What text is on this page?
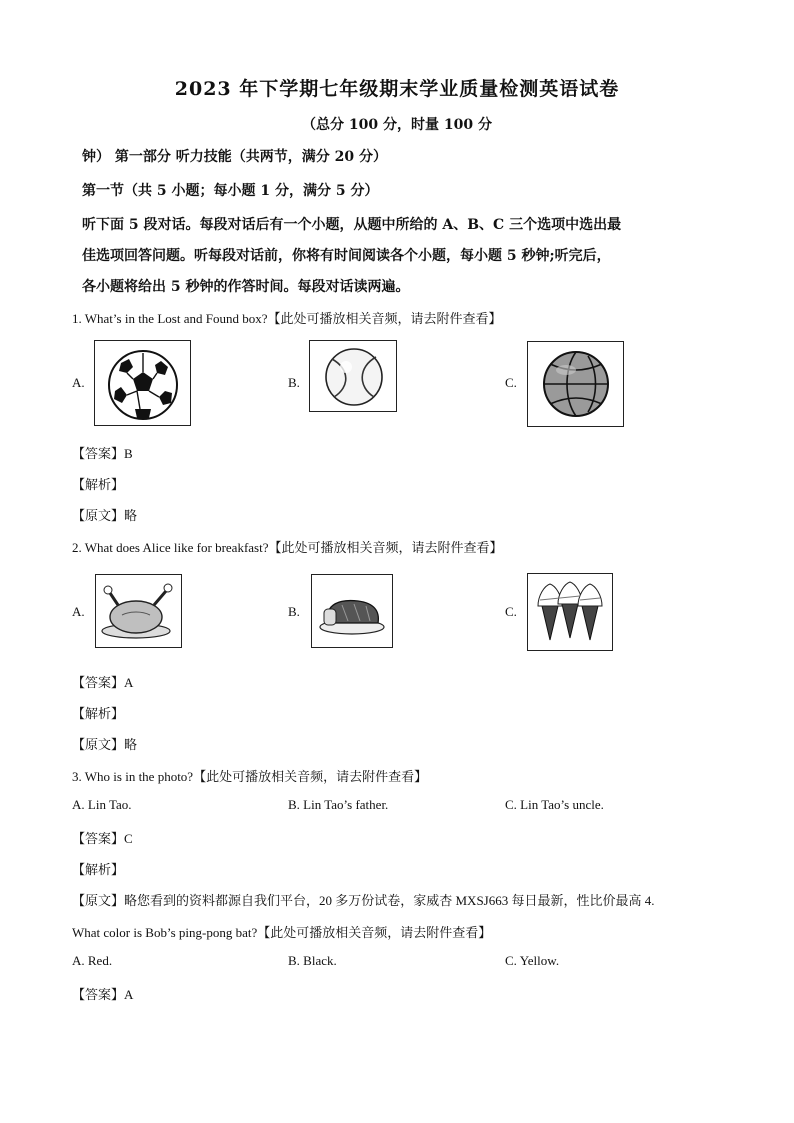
2023 年下学期七年级期末学业质量检测英语试卷
（总分 100 分，时量 100 分
钟） 第一部分 听力技能（共两节，满分 20 分）
第一节（共 5 小题；每小题 1 分，满分 5 分）
听下面 5 段对话。每段对话后有一个小题，从题中所给的 A、B、C 三个选项中选出最
佳选项回答问题。听每段对话前，你将有时间阅读各个小题，每小题 5 秒钟;听完后，
各小题将给出 5 秒钟的作答时间。每段对话读两遍。
1. What’s in the Lost and Found box?【此处可播放相关音频，请去附件查看】
A.	B.	C.
【答案】B
【解析】
【原文】略
2. What does Alice like for breakfast?【此处可播放相关音频，请去附件查看】
A.	B.	C.
【答案】A
【解析】
【原文】略
3. Who is in the photo?【此处可播放相关音频，请去附件查看】
A. Lin Tao.	B. Lin Tao’s father.	C. Lin Tao’s uncle.
【答案】C
【解析】
【原文】略您看到的资料都源自我们平台，20 多万份试卷，家威杏 MXSJ663 每日最新，性比价最高 4.
What color is Bob’s ping-pong bat?【此处可播放相关音频，请去附件查看】
A. Red.	B. Black.	C. Yellow.
【答案】A
